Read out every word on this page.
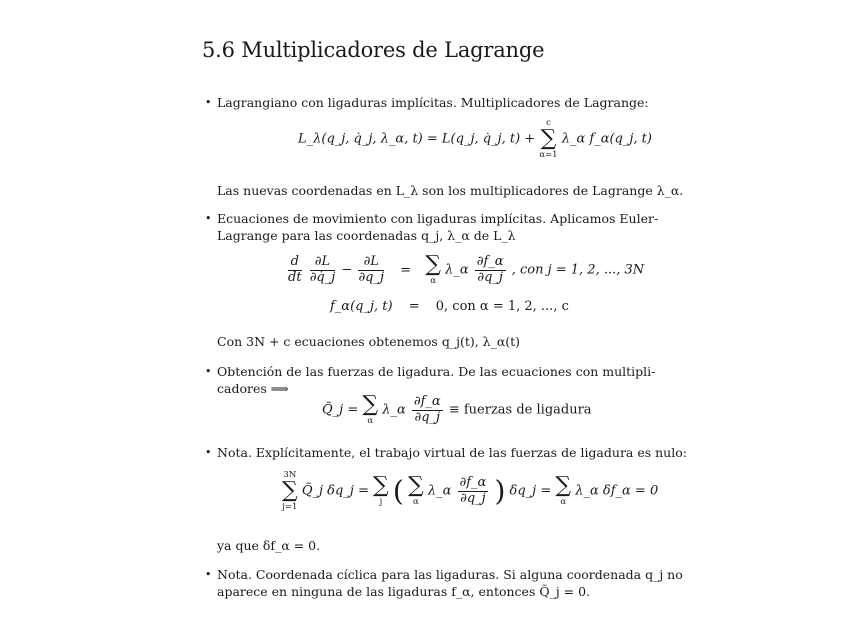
5.6 Multiplicadores de Lagrange
• Lagrangiano con ligaduras implícitas. Multiplicadores de Lagrange:
L_λ(q_j, q̇_j, λ_α, t) = L(q_j, q̇_j, t) +
c
∑
α=1
λ_α f_α(q_j, t)
Las nuevas coordenadas en L_λ son los multiplicadores de Lagrange λ_α.
• Ecuaciones de movimiento con ligaduras implícitas. Aplicamos Euler-
Lagrange para las coordenadas q_j, λ_α de L_λ
$\frac{d}{dt}$
$\frac{\partial L}{\partial q̇\_j} - \frac{\partial L}{\partial q\_j}$ = ∑
α
λ_α $\frac{\partial f\_\alpha}{\partial q\_j}$ , con j = 1, 2, ..., 3N
f_α(q_j, t) = 0, con α = 1, 2, ..., c
Con 3N + c ecuaciones obtenemos q_j(t), λ_α(t)
• Obtención de las fuerzas de ligadura. De las ecuaciones con multipli-
cadores ⟹
Q̃_j = ∑
α
λ_α $\frac{\partial f\_\alpha}{\partial q\_j}$ ≡ fuerzas de ligadura
• Nota. Explícitamente, el trabajo virtual de las fuerzas de ligadura es nulo:
3N
∑
j=1
Q̃_j δq_j = ∑
j ( ∑
α
λ_α $\frac{\partial f\_\alpha}{\partial q\_j}$ ) δq_j = ∑
α
λ_α δf_α = 0
ya que δf_α = 0.
• Nota. Coordenada cíclica para las ligaduras. Si alguna coordenada q_j no
aparece en ninguna de las ligaduras f_α, entonces Q̃_j = 0.
